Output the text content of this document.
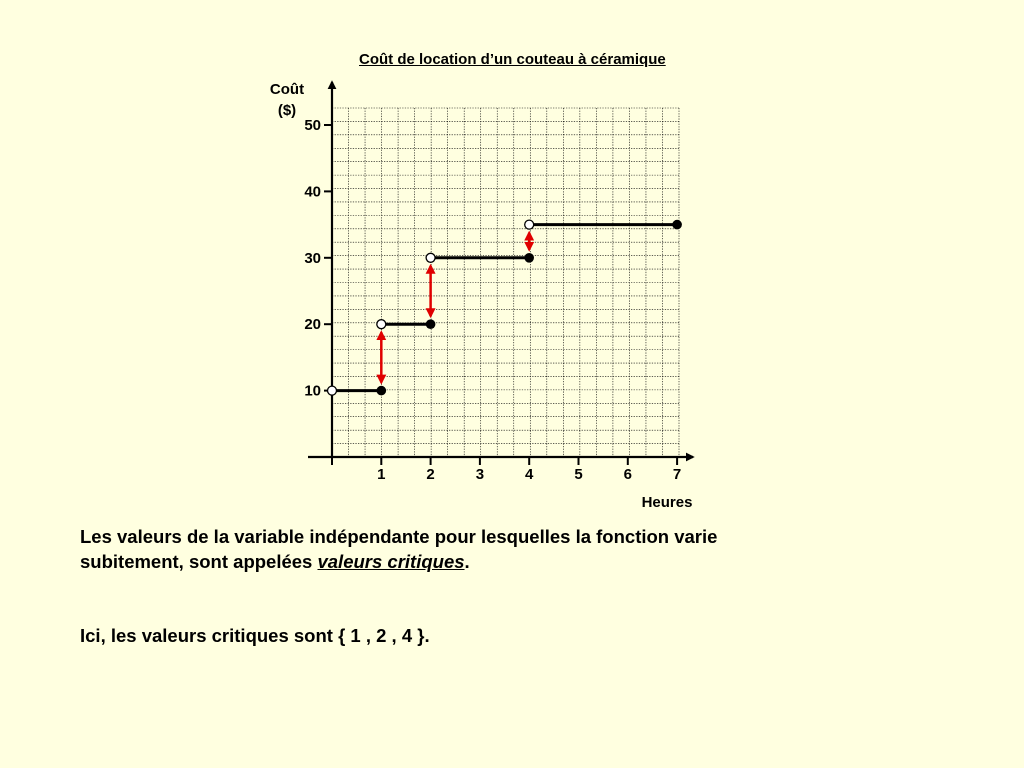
1	2	3	4	5	6	7
10
20
30
40
50
Coût de location d’un couteau à céramique
Coût
($)
Heures
Les valeurs de la variable indépendante pour lesquelles la fonction varie
subitement, sont appelées valeurs critiques.
Ici, les valeurs critiques sont { 1 , 2 , 4 }.
